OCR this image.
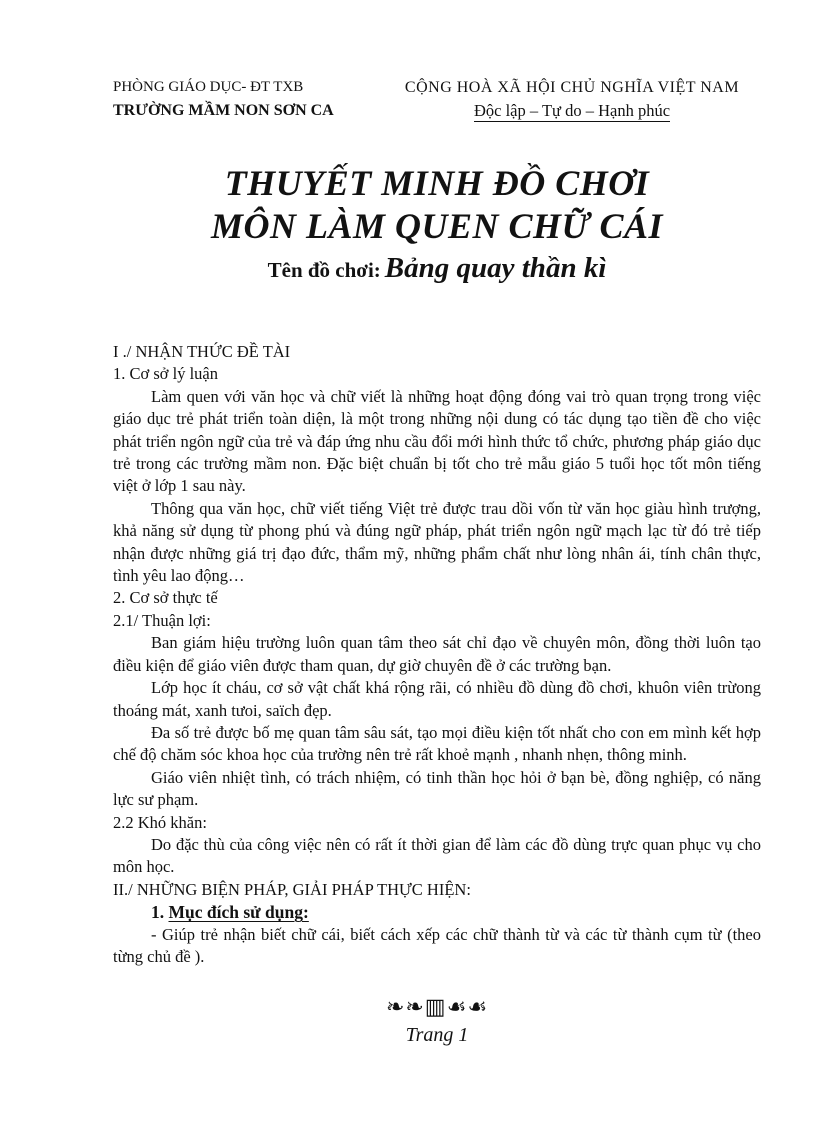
PHÒNG GIÁO DỤC- ĐT TXB
TRƯỜNG MẦM NON SƠN CA
CỘNG HOÀ XÃ HỘI CHỦ NGHĨA VIỆT NAM
Độc lập – Tự do – Hạnh phúc
THUYẾT MINH ĐỒ CHƠI
MÔN LÀM QUEN CHỮ CÁI
Tên đồ chơi: Bảng quay thần kì

I ./ NHẬN THỨC ĐỀ TÀI

1. Cơ sở lý luận

Làm quen với văn học và chữ viết là những hoạt động đóng vai trò quan trọng trong việc giáo dục trẻ phát triển toàn diện, là một trong những nội dung có tác dụng tạo tiền đề cho việc phát triển ngôn ngữ của trẻ và đáp ứng nhu cầu đổi mới hình thức tổ chức, phương pháp giáo dục trẻ trong các trường mầm non. Đặc biệt chuẩn bị tốt cho trẻ mẫu giáo 5 tuổi học tốt môn tiếng việt ở lớp 1 sau này.

Thông qua văn học, chữ viết tiếng Việt trẻ được trau dồi vốn từ văn học giàu hình trượng, khả năng sử dụng từ phong phú và đúng ngữ pháp, phát triển ngôn ngữ mạch lạc từ đó trẻ tiếp nhận được những giá trị đạo đức, thẩm mỹ, những phẩm chất như lòng nhân ái, tính chân thực, tình yêu lao động…

2. Cơ sở thực tế

2.1/ Thuận lợi:

Ban giám hiệu trường luôn quan tâm theo sát chỉ đạo về chuyên môn, đồng thời luôn tạo điều kiện để giáo viên được tham quan, dự giờ chuyên đề ở các trường bạn.

Lớp học ít cháu, cơ sở vật chất khá rộng rãi, có nhiều đồ dùng đồ chơi, khuôn viên trừong thoáng mát, xanh tưoi, saïch đẹp.

Đa số trẻ được bố mẹ quan tâm sâu sát, tạo mọi điều kiện tốt nhất cho con em mình kết hợp chế độ chăm sóc khoa học của trường nên trẻ rất khoẻ mạnh , nhanh nhẹn, thông minh.

Giáo viên nhiệt tình, có trách nhiệm, có tinh thần học hỏi ở bạn bè, đồng nghiệp, có năng lực sư phạm.

2.2 Khó khăn:

Do đặc thù của công việc nên có rất ít thời gian để làm các đồ dùng trực quan phục vụ cho môn học.

II./ NHỮNG BIỆN PHÁP, GIẢI PHÁP THỰC HIỆN:

1. Mục đích sử dụng:

- Giúp trẻ nhận biết chữ cái, biết cách xếp các chữ thành từ và các từ thành cụm từ (theo từng chủ đề ).

❧❧▥☙☙
Trang 1
